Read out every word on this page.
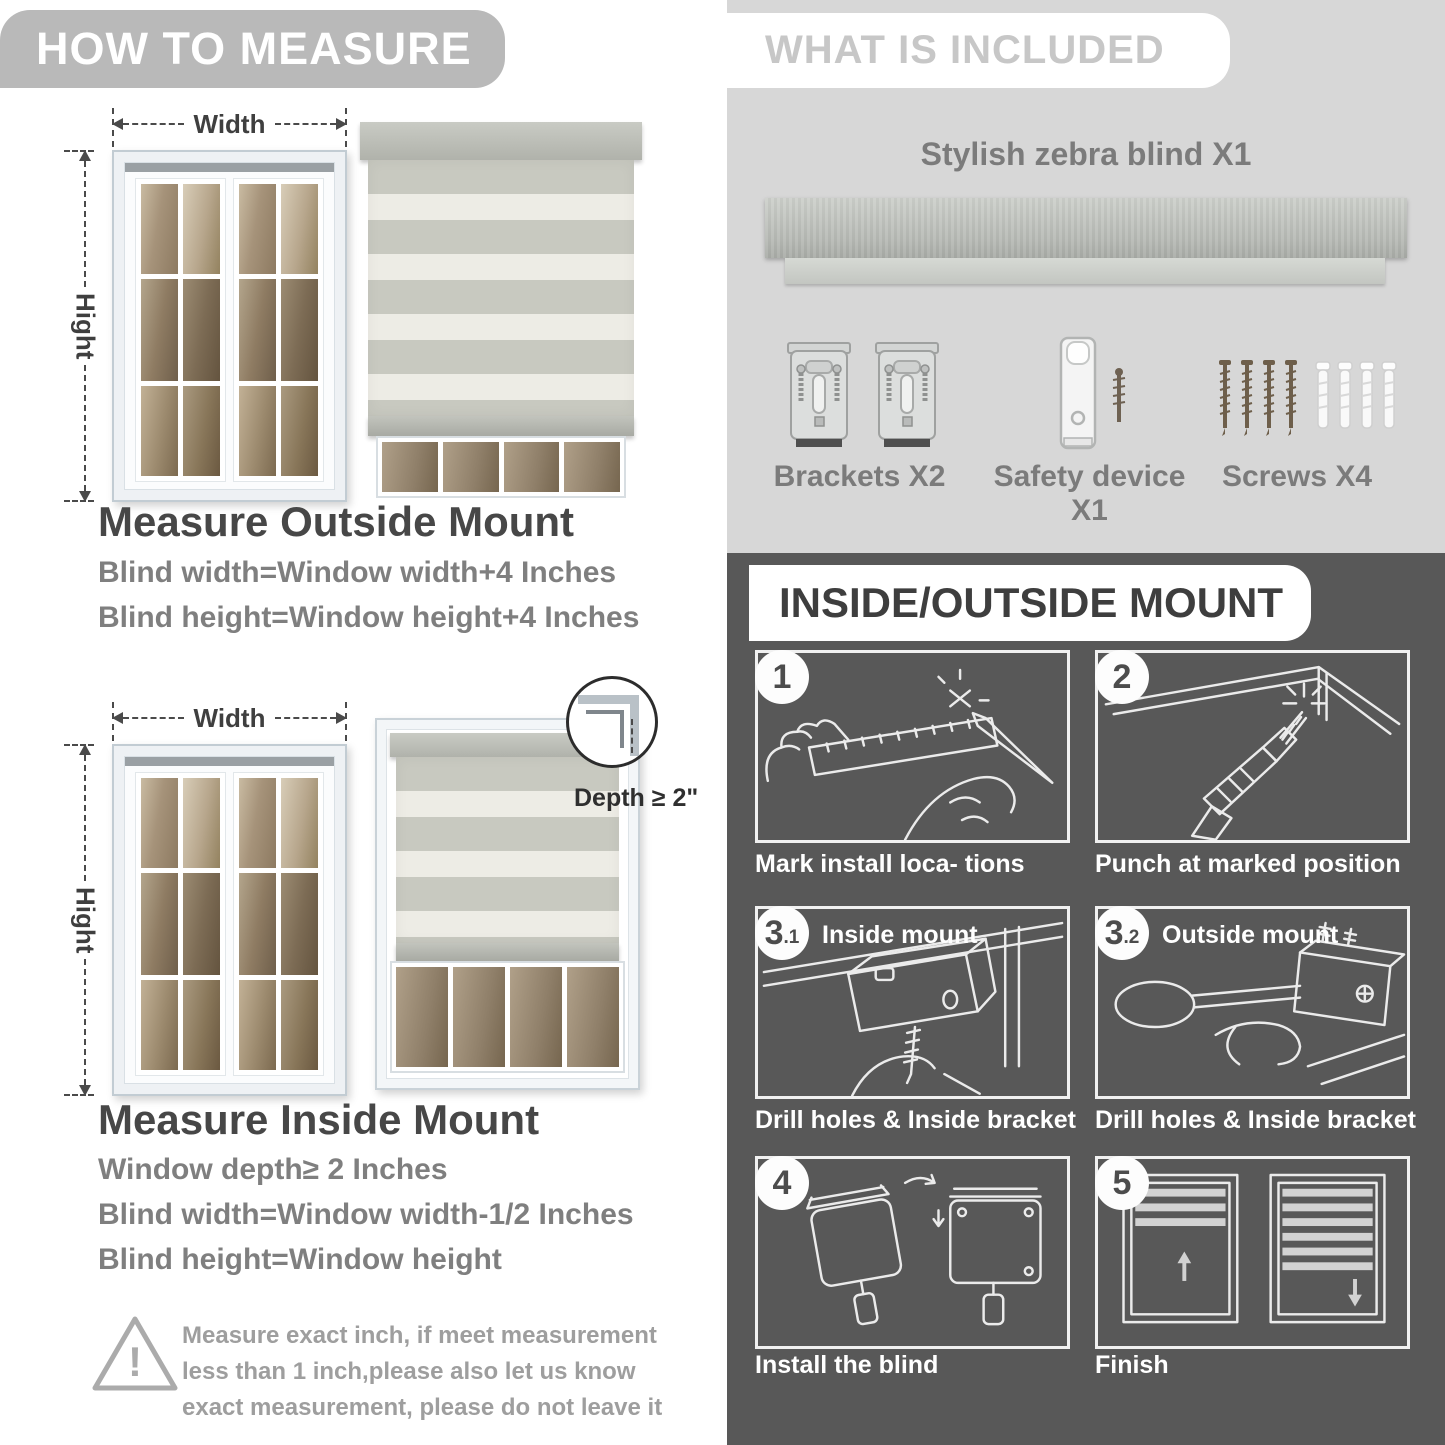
HOW TO MEASURE
Width
Hight
Measure Outside Mount

Blind width=Window width+4 Inches

Blind height=Window height+4 Inches

Width
Hight
Depth ≥ 2"
Measure Inside Mount

Window depth≥ 2 Inches

Blind width=Window width-1/2 Inches

Blind height=Window height

!

Measure exact inch, if meet measurement less than 1 inch,please also let us know exact measurement, please do not leave it

WHAT IS INCLUDED
Stylish zebra blind X1
Brackets X2	Safety device X1
Screws X4
INSIDE/OUTSIDE MOUNT
1
Mark install loca- tions
2
Punch at marked position
3 .1 Inside mount
Drill holes & Inside bracket
3 .2 Outside mount
Drill holes & Inside bracket
4
Install the blind
5
Finish
